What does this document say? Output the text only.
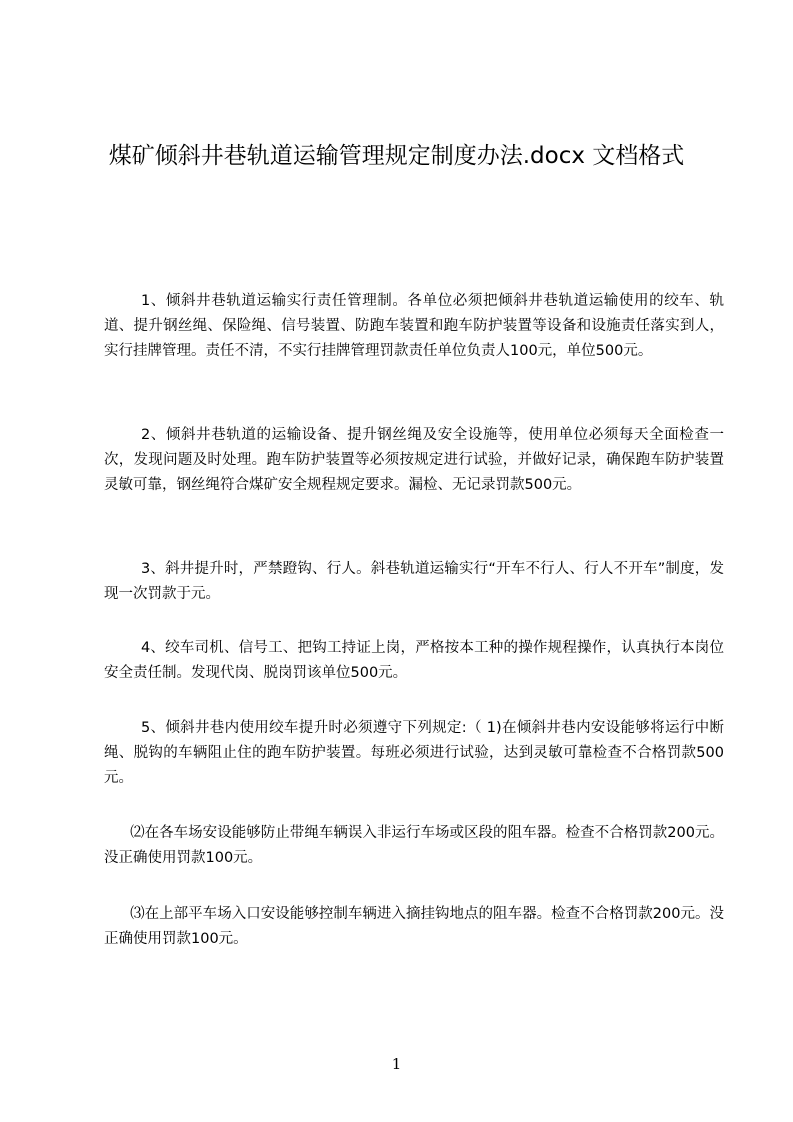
煤矿倾斜井巷轨道运输管理规定制度办法.docx 文档格式

1、倾斜井巷轨道运输实行责任管理制。各单位必须把倾斜井巷轨道运输使用的绞车、轨道、提升钢丝绳、保险绳、信号装置、防跑车装置和跑车防护装置等设备和设施责任落实到人，实行挂牌管理。责任不清，不实行挂牌管理罚款责任单位负责人100元，单位500元。

2、倾斜井巷轨道的运输设备、提升钢丝绳及安全设施等，使用单位必须每天全面检查一次，发现问题及时处理。跑车防护装置等必须按规定进行试验，并做好记录，确保跑车防护装置灵敏可靠，钢丝绳符合煤矿安全规程规定要求。漏检、无记录罚款500元。

3、斜井提升时，严禁蹬钩、行人。斜巷轨道运输实行“开车不行人、行人不开车”制度，发现一次罚款于元。

4、绞车司机、信号工、把钩工持证上岗，严格按本工种的操作规程操作，认真执行本岗位安全责任制。发现代岗、脱岗罚该单位500元。

5、倾斜井巷内使用绞车提升时必须遵守下列规定:（ 1)在倾斜井巷内安设能够将运行中断绳、脱钩的车辆阻止住的跑车防护装置。每班必须进行试验，达到灵敏可靠检查不合格罚款500元。

⑵在各车场安设能够防止带绳车辆误入非运行车场或区段的阻车器。检查不合格罚款200元。没正确使用罚款100元。

⑶在上部平车场入口安设能够控制车辆进入摘挂钩地点的阻车器。检查不合格罚款200元。没正确使用罚款100元。

1
